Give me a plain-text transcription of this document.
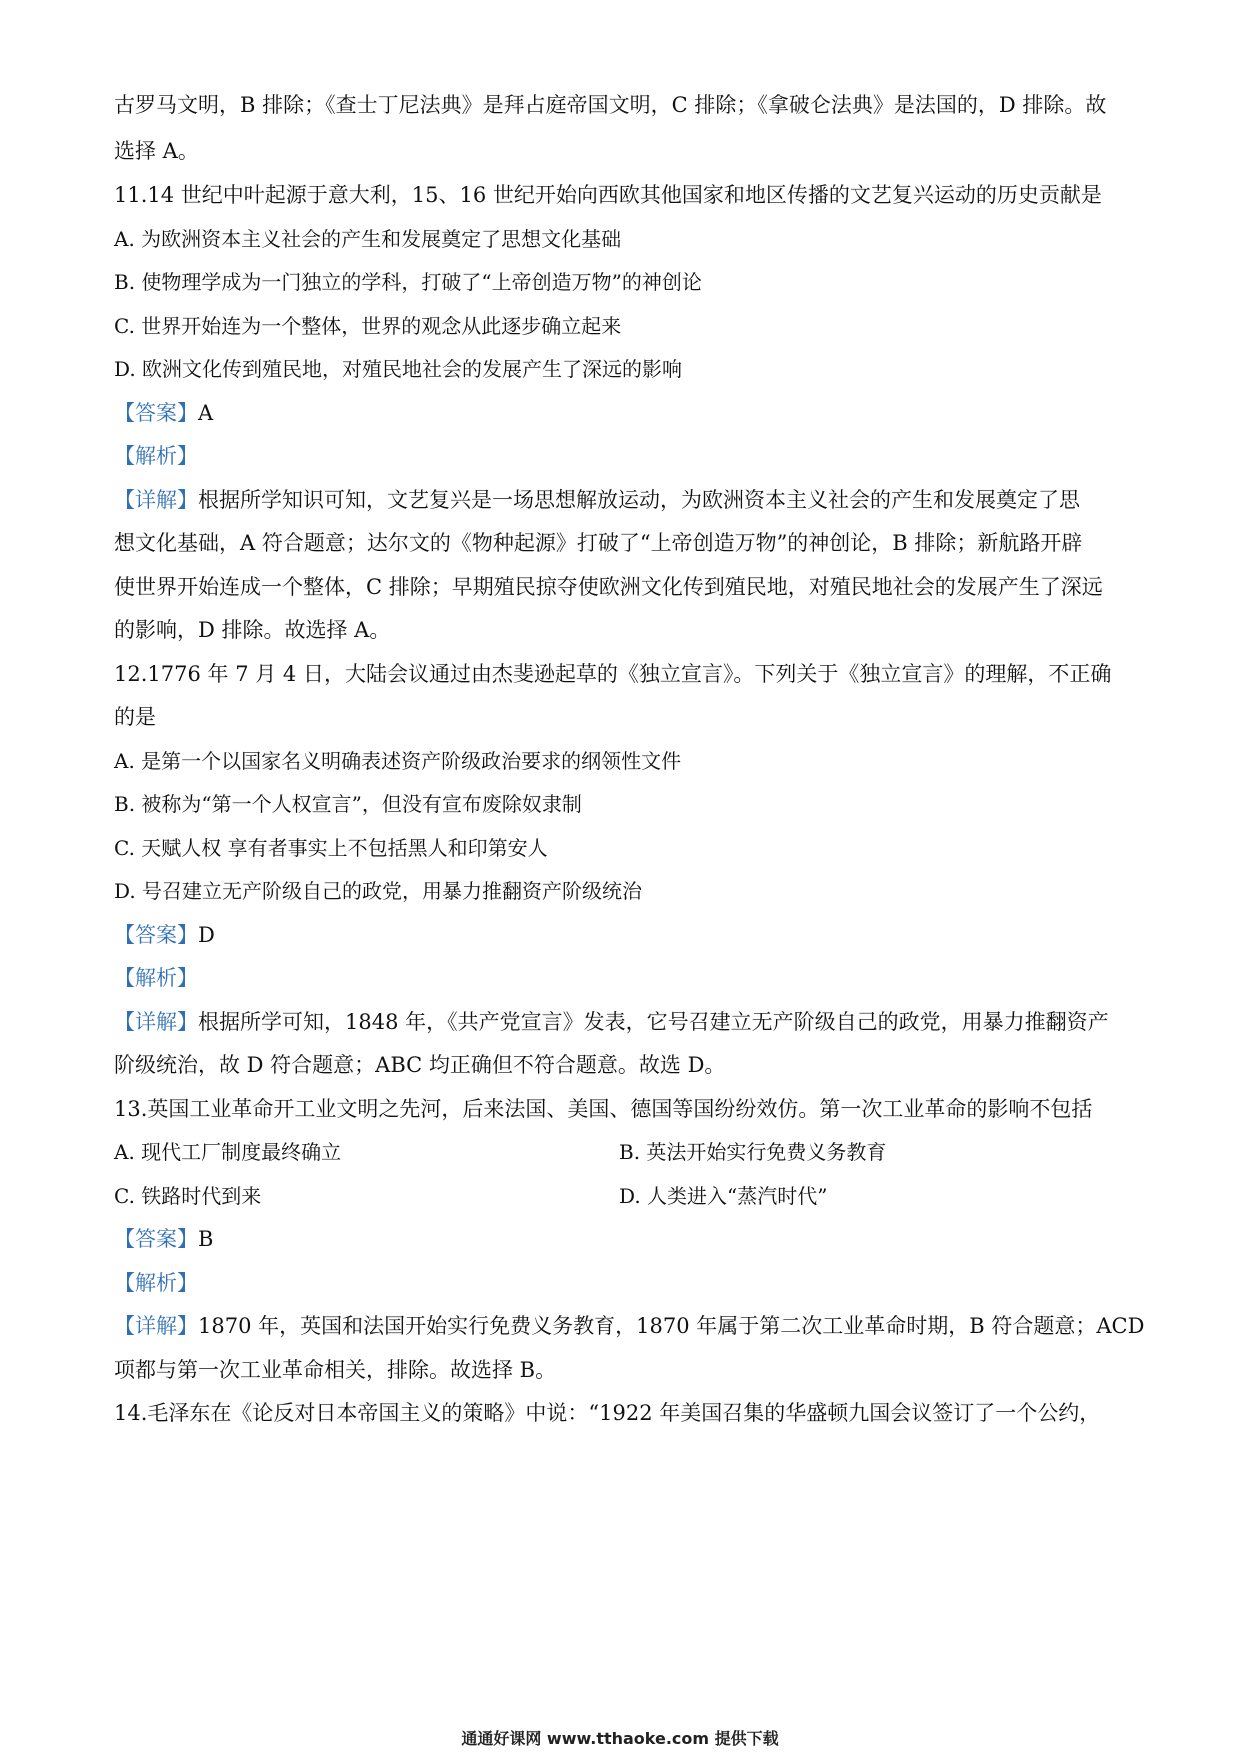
古罗马文明，B 排除；《查士丁尼法典》是拜占庭帝国文明，C 排除；《拿破仑法典》是法国的，D 排除。故
选择 A。
11.14 世纪中叶起源于意大利，15、16 世纪开始向西欧其他国家和地区传播的文艺复兴运动的历史贡献是
A. 为欧洲资本主义社会的产生和发展奠定了思想文化基础
B. 使物理学成为一门独立的学科，打破了“上帝创造万物”的神创论
C. 世界开始连为一个整体，世界的观念从此逐步确立起来
D. 欧洲文化传到殖民地，对殖民地社会的发展产生了深远的影响
【答案】A
【解析】
【详解】根据所学知识可知，文艺复兴是一场思想解放运动，为欧洲资本主义社会的产生和发展奠定了思
想文化基础，A 符合题意；达尔文的《物种起源》打破了“上帝创造万物”的神创论，B 排除；新航路开辟
使世界开始连成一个整体，C 排除；早期殖民掠夺使欧洲文化传到殖民地，对殖民地社会的发展产生了深远
的影响，D 排除。故选择 A。
12.1776 年 7 月 4 日，大陆会议通过由杰斐逊起草的《独立宣言》。下列关于《独立宣言》的理解，不正确
的是
A. 是第一个以国家名义明确表述资产阶级政治要求的纲领性文件
B. 被称为“第一个人权宣言”，但没有宣布废除奴隶制
C. 天赋人权 享有者事实上不包括黑人和印第安人
D. 号召建立无产阶级自己的政党，用暴力推翻资产阶级统治
【答案】D
【解析】
【详解】根据所学可知，1848 年，《共产党宣言》发表，它号召建立无产阶级自己的政党，用暴力推翻资产
阶级统治，故 D 符合题意；ABC 均正确但不符合题意。故选 D。
13.英国工业革命开工业文明之先河，后来法国、美国、德国等国纷纷效仿。第一次工业革命的影响不包括
A. 现代工厂制度最终确立	B. 英法开始实行免费义务教育
C. 铁路时代到来	D. 人类进入“蒸汽时代”
【答案】B
【解析】
【详解】1870 年，英国和法国开始实行免费义务教育，1870 年属于第二次工业革命时期，B 符合题意；ACD
项都与第一次工业革命相关，排除。故选择 B。
14.毛泽东在《论反对日本帝国主义的策略》中说：“1922 年美国召集的华盛顿九国会议签订了一个公约，
通通好课网 www.tthaoke.com 提供下载
